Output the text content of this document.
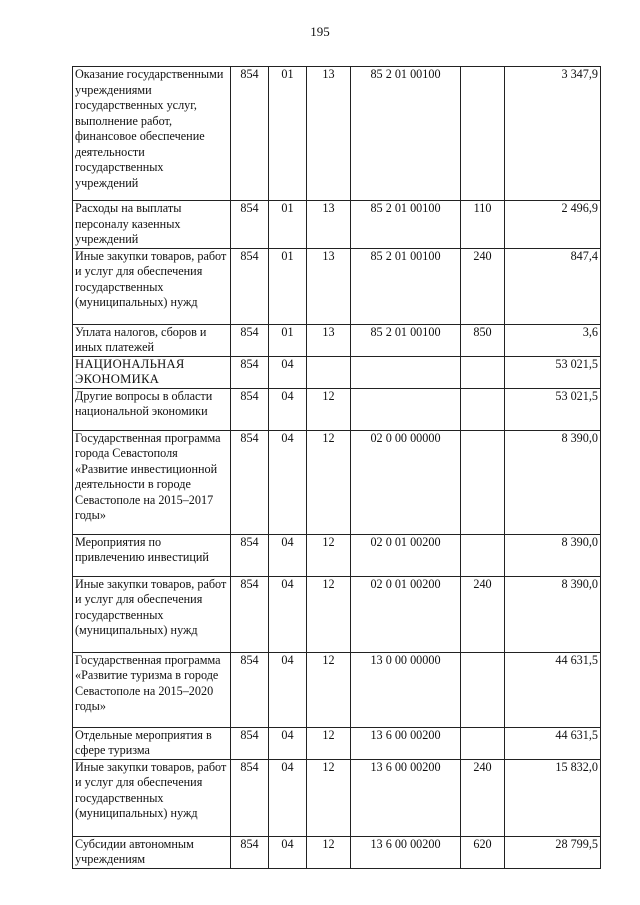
195
Оказание государственными учреждениями государственных услуг, выполнение работ, финансовое обеспечение деятельности государственных учреждений	854	01	13	85 2 01 00100		3 347,9
Расходы на выплаты персоналу казенных учреждений	854	01	13	85 2 01 00100	110	2 496,9
Иные закупки товаров, работ и услуг для обеспечения государственных (муниципальных) нужд	854	01	13	85 2 01 00100	240	847,4
Уплата налогов, сборов и иных платежей	854	01	13	85 2 01 00100	850	3,6
НАЦИОНАЛЬНАЯ ЭКОНОМИКА	854	04				53 021,5
Другие вопросы в области национальной экономики	854	04	12			53 021,5
Государственная программа города Севастополя «Развитие инвестиционной деятельности в городе Севастополе на 2015–2017 годы»	854	04	12	02 0 00 00000		8 390,0
Мероприятия по привлечению инвестиций	854	04	12	02 0 01 00200		8 390,0
Иные закупки товаров, работ и услуг для обеспечения государственных (муниципальных) нужд	854	04	12	02 0 01 00200	240	8 390,0
Государственная программа «Развитие туризма в городе Севастополе на 2015–2020 годы»	854	04	12	13 0 00 00000		44 631,5
Отдельные мероприятия в сфере туризма	854	04	12	13 6 00 00200		44 631,5
Иные закупки товаров, работ и услуг для обеспечения государственных (муниципальных) нужд	854	04	12	13 6 00 00200	240	15 832,0
Субсидии автономным учреждениям	854	04	12	13 6 00 00200	620	28 799,5
